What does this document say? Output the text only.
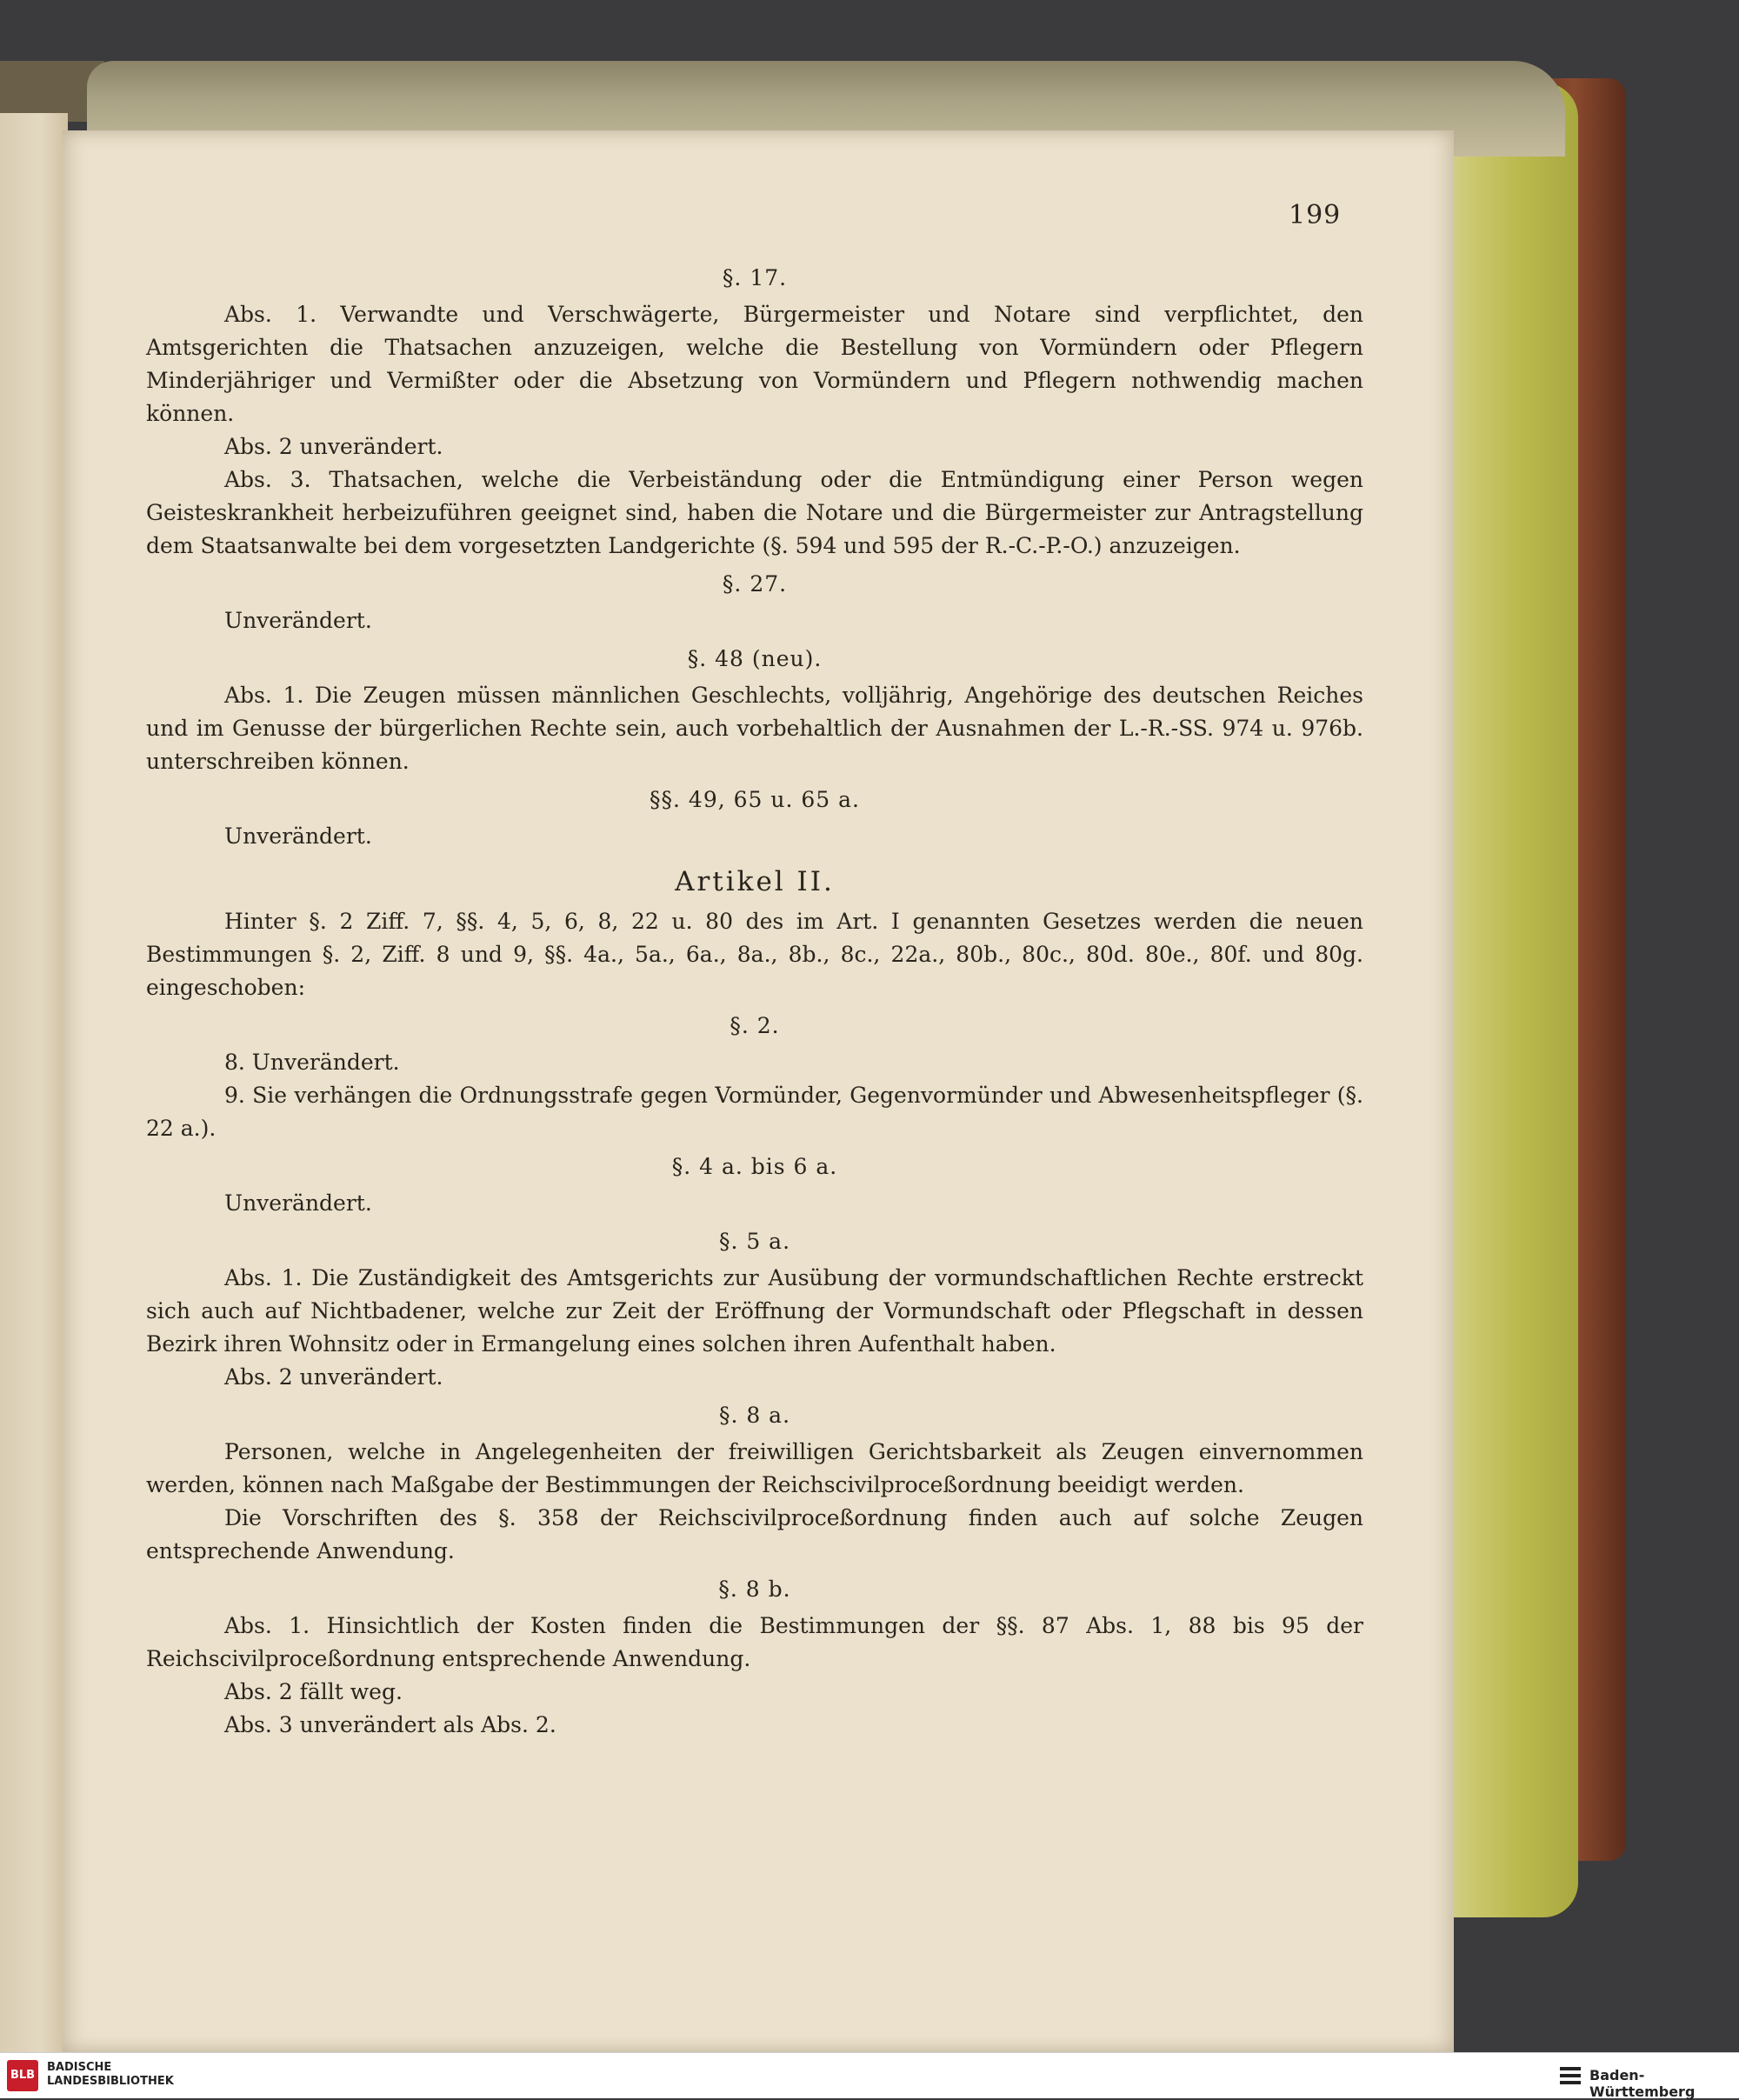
199
§. 17.
Abs. 1. Verwandte und Verschwägerte, Bürgermeister und Notare sind verpflichtet, den Amtsgerichten die Thatsachen anzuzeigen, welche die Bestellung von Vormündern oder Pflegern Minderjähriger und Vermißter oder die Absetzung von Vormündern und Pflegern nothwendig machen können.
Abs. 2 unverändert.
Abs. 3. Thatsachen, welche die Verbeiständung oder die Entmündigung einer Person wegen Geisteskrankheit herbeizuführen geeignet sind, haben die Notare und die Bürgermeister zur Antragstellung dem Staatsanwalte bei dem vorgesetzten Landgerichte (§. 594 und 595 der R.-C.-P.-O.) anzuzeigen.
§. 27.
Unverändert.
§. 48 (neu).
Abs. 1. Die Zeugen müssen männlichen Geschlechts, volljährig, Angehörige des deutschen Reiches und im Genusse der bürgerlichen Rechte sein, auch vorbehaltlich der Ausnahmen der L.-R.-SS. 974 u. 976b. unterschreiben können.
§§. 49, 65 u. 65 a.
Unverändert.
Artikel II.
Hinter §. 2 Ziff. 7, §§. 4, 5, 6, 8, 22 u. 80 des im Art. I genannten Gesetzes werden die neuen Bestimmungen §. 2, Ziff. 8 und 9, §§. 4a., 5a., 6a., 8a., 8b., 8c., 22a., 80b., 80c., 80d. 80e., 80f. und 80g. eingeschoben:
§. 2.
8. Unverändert.
9. Sie verhängen die Ordnungsstrafe gegen Vormünder, Gegenvormünder und Abwesenheitspfleger (§. 22 a.).
§. 4 a. bis 6 a.
Unverändert.
§. 5 a.
Abs. 1. Die Zuständigkeit des Amtsgerichts zur Ausübung der vormundschaftlichen Rechte erstreckt sich auch auf Nichtbadener, welche zur Zeit der Eröffnung der Vormundschaft oder Pflegschaft in dessen Bezirk ihren Wohnsitz oder in Ermangelung eines solchen ihren Aufenthalt haben.
Abs. 2 unverändert.
§. 8 a.
Personen, welche in Angelegenheiten der freiwilligen Gerichtsbarkeit als Zeugen einvernommen werden, können nach Maßgabe der Bestimmungen der Reichscivilproceßordnung beeidigt werden.
Die Vorschriften des §. 358 der Reichscivilproceßordnung finden auch auf solche Zeugen entsprechende Anwendung.
§. 8 b.
Abs. 1. Hinsichtlich der Kosten finden die Bestimmungen der §§. 87 Abs. 1, 88 bis 95 der Reichscivilproceßordnung entsprechende Anwendung.
Abs. 2 fällt weg.
Abs. 3 unverändert als Abs. 2.
BLB
BADISCHE
LANDESBIBLIOTHEK	Baden-Württemberg
